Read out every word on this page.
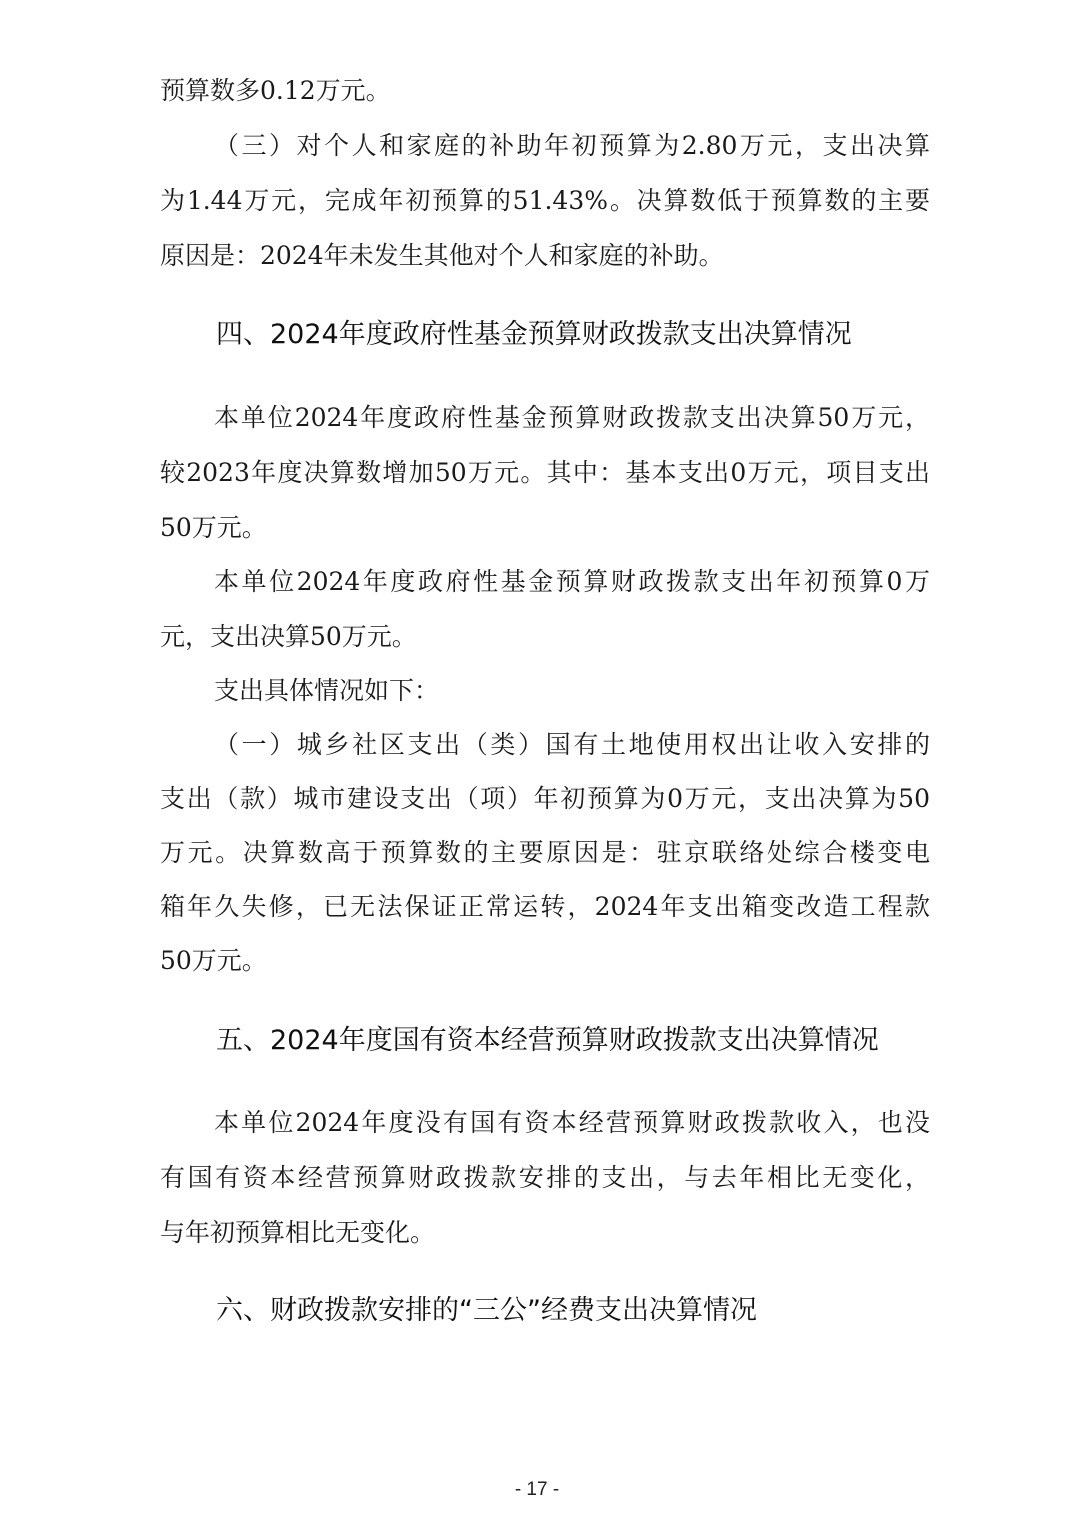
预算数多0.12万元。
（三）对个人和家庭的补助年初预算为2.80万元，支出决算
为1.44万元，完成年初预算的51.43%。决算数低于预算数的主要
原因是：2024年未发生其他对个人和家庭的补助。
四、2024年度政府性基金预算财政拨款支出决算情况
本单位2024年度政府性基金预算财政拨款支出决算50万元，
较2023年度决算数增加50万元。其中：基本支出0万元，项目支出
50万元。
本单位2024年度政府性基金预算财政拨款支出年初预算0万
元，支出决算50万元。
支出具体情况如下：
（一）城乡社区支出（类）国有土地使用权出让收入安排的
支出（款）城市建设支出（项）年初预算为0万元，支出决算为50
万元。决算数高于预算数的主要原因是：驻京联络处综合楼变电
箱年久失修，已无法保证正常运转，2024年支出箱变改造工程款
50万元。
五、2024年度国有资本经营预算财政拨款支出决算情况
本单位2024年度没有国有资本经营预算财政拨款收入，也没
有国有资本经营预算财政拨款安排的支出，与去年相比无变化，
与年初预算相比无变化。
六、财政拨款安排的“三公”经费支出决算情况
- 17 -
